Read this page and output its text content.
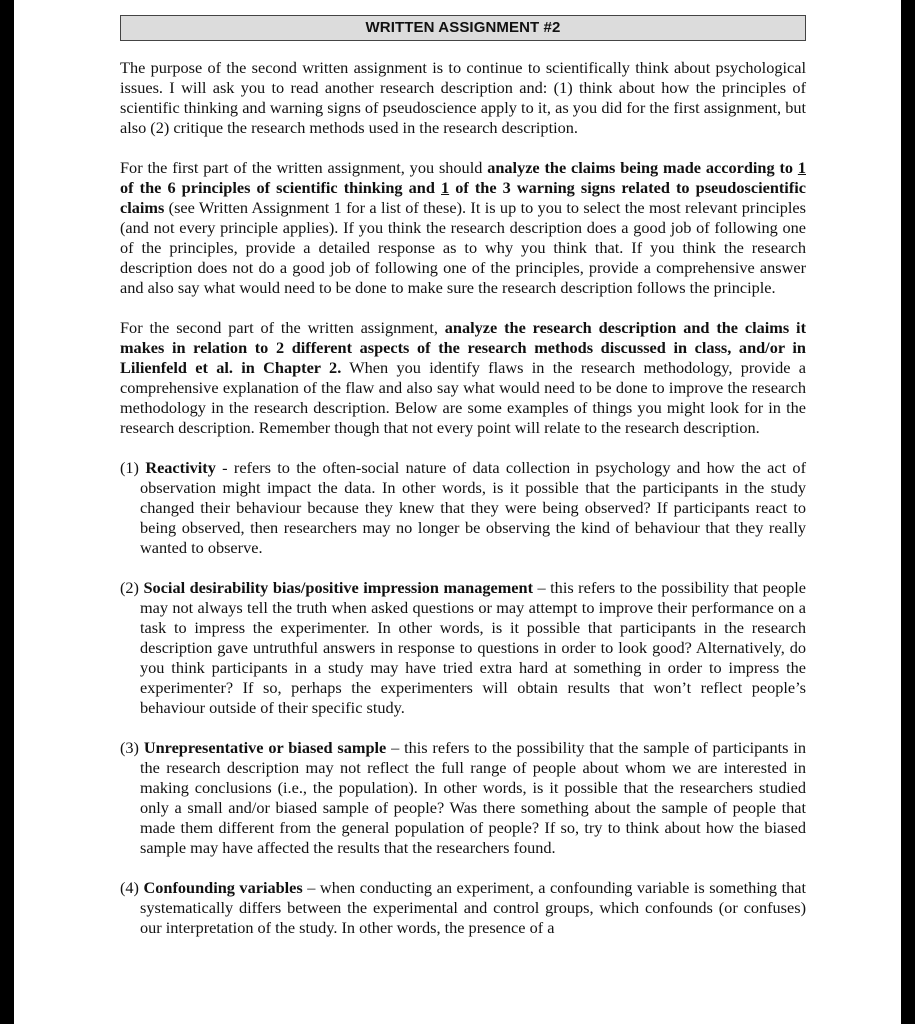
WRITTEN ASSIGNMENT #2

The purpose of the second written assignment is to continue to scientifically think about psychological issues. I will ask you to read another research description and: (1) think about how the principles of scientific thinking and warning signs of pseudoscience apply to it, as you did for the first assignment, but also (2) critique the research methods used in the research description.

For the first part of the written assignment, you should analyze the claims being made according to 1 of the 6 principles of scientific thinking and 1 of the 3 warning signs related to pseudoscientific claims (see Written Assignment 1 for a list of these). It is up to you to select the most relevant principles (and not every principle applies). If you think the research description does a good job of following one of the principles, provide a detailed response as to why you think that. If you think the research description does not do a good job of following one of the principles, provide a comprehensive answer and also say what would need to be done to make sure the research description follows the principle.

For the second part of the written assignment, analyze the research description and the claims it makes in relation to 2 different aspects of the research methods discussed in class, and/or in Lilienfeld et al. in Chapter 2. When you identify flaws in the research methodology, provide a comprehensive explanation of the flaw and also say what would need to be done to improve the research methodology in the research description. Below are some examples of things you might look for in the research description. Remember though that not every point will relate to the research description.

(1) Reactivity - refers to the often-social nature of data collection in psychology and how the act of observation might impact the data. In other words, is it possible that the participants in the study changed their behaviour because they knew that they were being observed? If participants react to being observed, then researchers may no longer be observing the kind of behaviour that they really wanted to observe.
(2) Social desirability bias/positive impression management – this refers to the possibility that people may not always tell the truth when asked questions or may attempt to improve their performance on a task to impress the experimenter. In other words, is it possible that participants in the research description gave untruthful answers in response to questions in order to look good? Alternatively, do you think participants in a study may have tried extra hard at something in order to impress the experimenter? If so, perhaps the experimenters will obtain results that won’t reflect people’s behaviour outside of their specific study.
(3) Unrepresentative or biased sample – this refers to the possibility that the sample of participants in the research description may not reflect the full range of people about whom we are interested in making conclusions (i.e., the population). In other words, is it possible that the researchers studied only a small and/or biased sample of people? Was there something about the sample of people that made them different from the general population of people? If so, try to think about how the biased sample may have affected the results that the researchers found.
(4) Confounding variables – when conducting an experiment, a confounding variable is something that systematically differs between the experimental and control groups, which confounds (or confuses) our interpretation of the study. In other words, the presence of a
